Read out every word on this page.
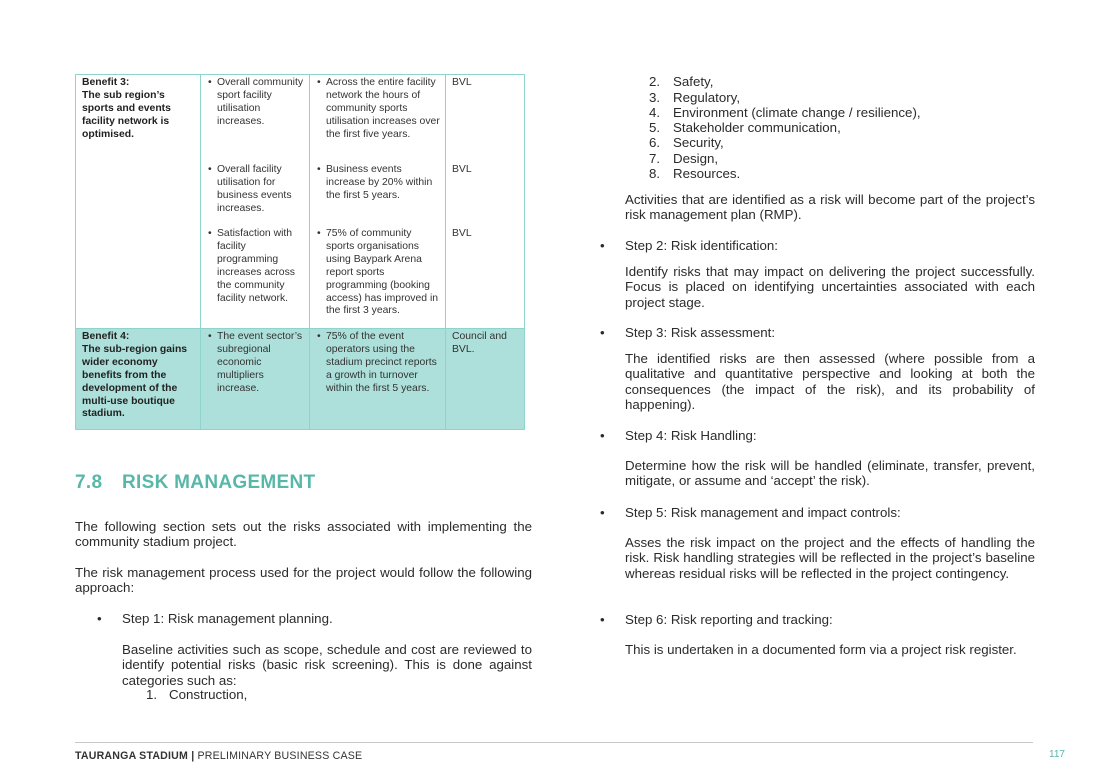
Benefit 3:
The sub region’s sports and events facility network is optimised.	• Overall community sport facility utilisation increases.	• Across the entire facility network the hours of community sports utilisation increases over the first five years.	BVL

	• Overall facility utilisation for business events increases.	• Business events increase by 20% within the first 5 years.	BVL

	• Satisfaction with facility programming increases across the community facility network.	• 75% of community sports organisations using Baypark Arena report sports programming (booking access) has improved in the first 3 years.	BVL

Benefit 4:
The sub-region gains wider economy benefits from the development of the multi-use boutique stadium.	• The event sector’s subregional economic multipliers increase.	• 75% of the event operators using the stadium precinct reports a growth in turnover within the first 5 years.	Council and BVL.
7.8 RISK MANAGEMENT
The following section sets out the risks associated with implementing the community stadium project.
The risk management process used for the project would follow the following approach:
• Step 1: Risk management planning.
Baseline activities such as scope, schedule and cost are reviewed to identify potential risks (basic risk screening). This is done against categories such as:
1. Construction,
2. Safety,
3. Regulatory,
4. Environment (climate change / resilience),
5. Stakeholder communication,
6. Security,
7. Design,
8. Resources.
Activities that are identified as a risk will become part of the project’s risk management plan (RMP).
• Step 2: Risk identification:
Identify risks that may impact on delivering the project successfully. Focus is placed on identifying uncertainties associated with each project stage.
• Step 3: Risk assessment:
The identified risks are then assessed (where possible from a qualitative and quantitative perspective and looking at both the consequences (the impact of the risk), and its probability of happening).
• Step 4: Risk Handling:
Determine how the risk will be handled (eliminate, transfer, prevent, mitigate, or assume and ‘accept’ the risk).
• Step 5: Risk management and impact controls:
Asses the risk impact on the project and the effects of handling the risk. Risk handling strategies will be reflected in the project’s baseline whereas residual risks will be reflected in the project contingency.
• Step 6: Risk reporting and tracking:
This is undertaken in a documented form via a project risk register.
TAURANGA STADIUM | PRELIMINARY BUSINESS CASE	117
